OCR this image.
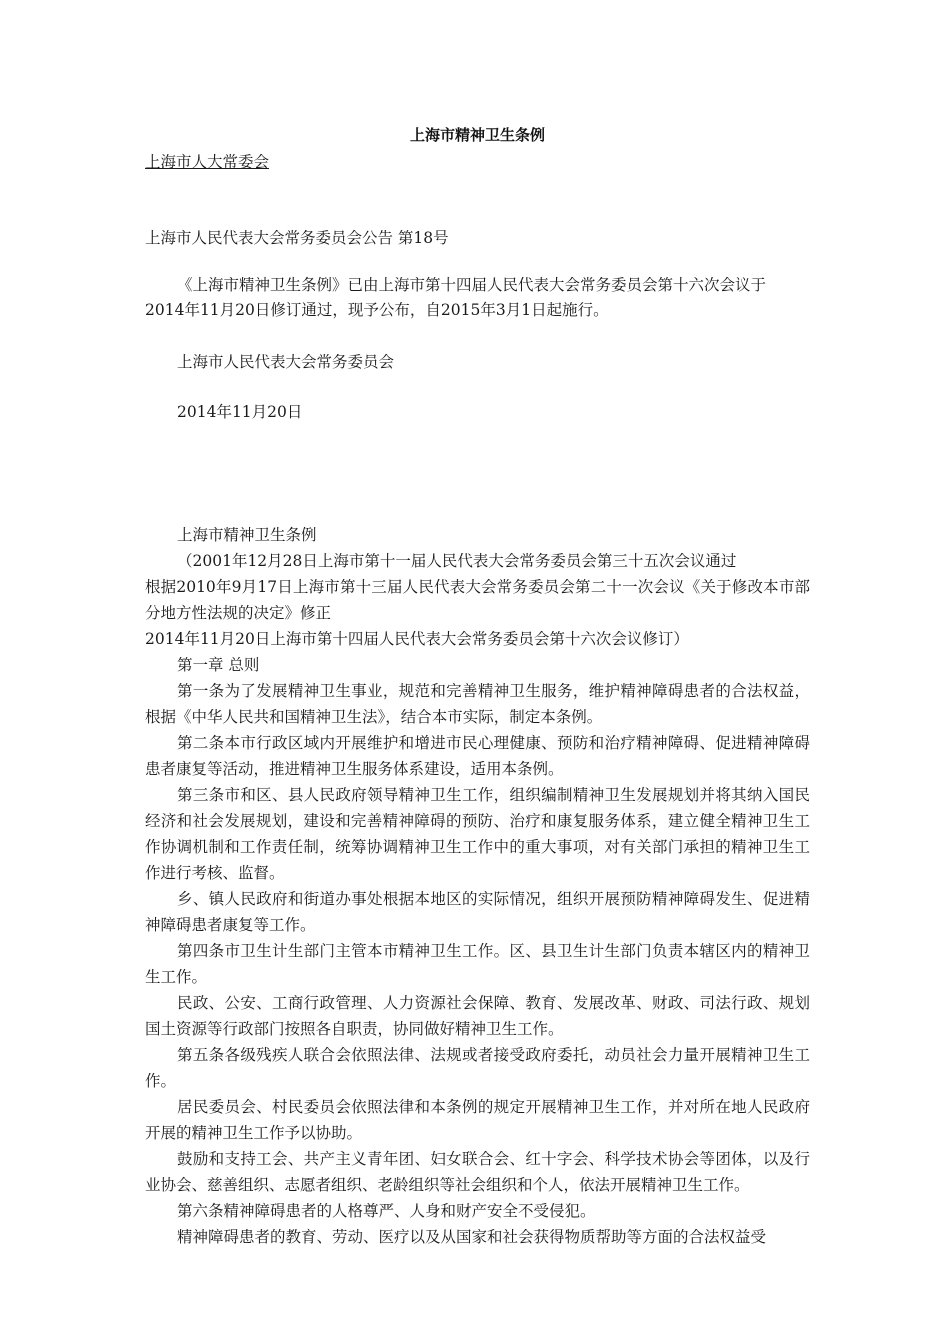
上海市精神卫生条例
上海市人大常委会
上海市人民代表大会常务委员会公告 第18号
《上海市精神卫生条例》已由上海市第十四届人民代表大会常务委员会第十六次会议于
2014年11月20日修订通过，现予公布，自2015年3月1日起施行。
上海市人民代表大会常务委员会
2014年11月20日

上海市精神卫生条例

（2001年12月28日上海市第十一届人民代表大会常务委员会第三十五次会议通过

根据2010年9月17日上海市第十三届人民代表大会常务委员会第二十一次会议《关于修改本市部分地方性法规的决定》修正

2014年11月20日上海市第十四届人民代表大会常务委员会第十六次会议修订）

第一章 总则

第一条为了发展精神卫生事业，规范和完善精神卫生服务，维护精神障碍患者的合法权益，根据《中华人民共和国精神卫生法》，结合本市实际，制定本条例。

第二条本市行政区域内开展维护和增进市民心理健康、预防和治疗精神障碍、促进精神障碍患者康复等活动，推进精神卫生服务体系建设，适用本条例。

第三条市和区、县人民政府领导精神卫生工作，组织编制精神卫生发展规划并将其纳入国民经济和社会发展规划，建设和完善精神障碍的预防、治疗和康复服务体系，建立健全精神卫生工作协调机制和工作责任制，统筹协调精神卫生工作中的重大事项，对有关部门承担的精神卫生工作进行考核、监督。

乡、镇人民政府和街道办事处根据本地区的实际情况，组织开展预防精神障碍发生、促进精神障碍患者康复等工作。

第四条市卫生计生部门主管本市精神卫生工作。区、县卫生计生部门负责本辖区内的精神卫生工作。

民政、公安、工商行政管理、人力资源社会保障、教育、发展改革、财政、司法行政、规划国土资源等行政部门按照各自职责，协同做好精神卫生工作。

第五条各级残疾人联合会依照法律、法规或者接受政府委托，动员社会力量开展精神卫生工作。

居民委员会、村民委员会依照法律和本条例的规定开展精神卫生工作，并对所在地人民政府开展的精神卫生工作予以协助。

鼓励和支持工会、共产主义青年团、妇女联合会、红十字会、科学技术协会等团体，以及行业协会、慈善组织、志愿者组织、老龄组织等社会组织和个人，依法开展精神卫生工作。

第六条精神障碍患者的人格尊严、人身和财产安全不受侵犯。

精神障碍患者的教育、劳动、医疗以及从国家和社会获得物质帮助等方面的合法权益受
